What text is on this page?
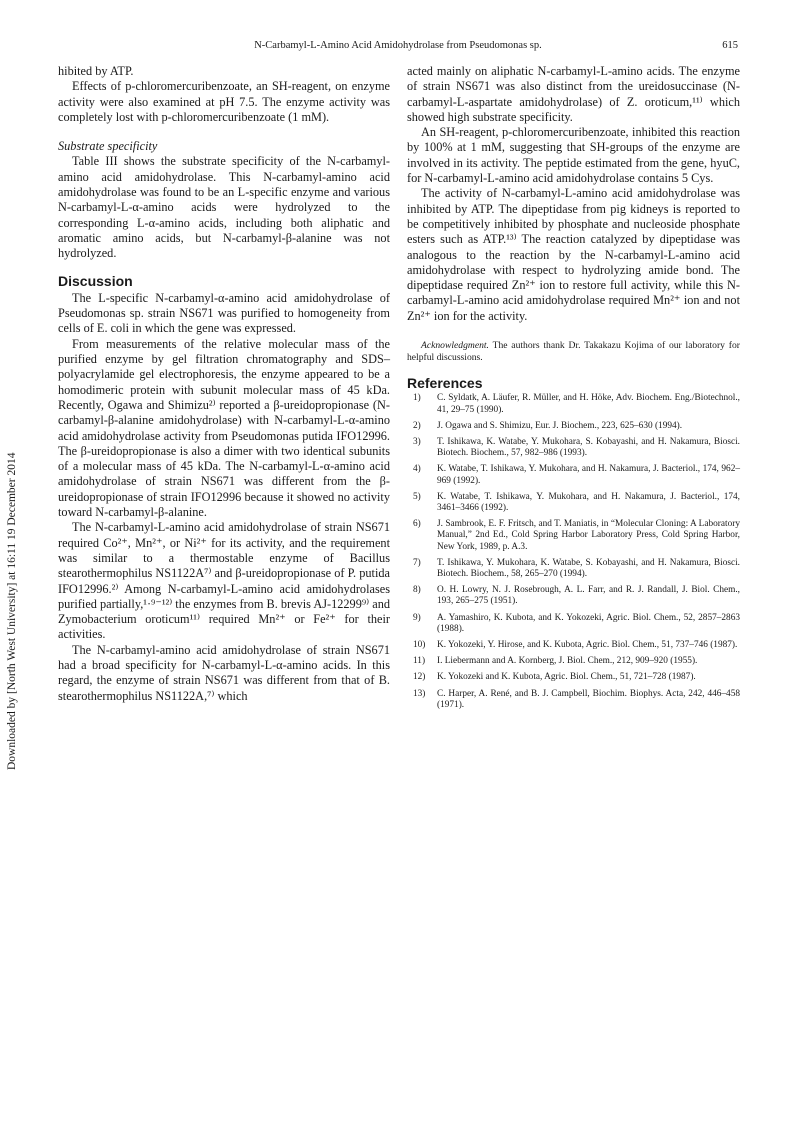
N-Carbamyl-L-Amino Acid Amidohydrolase from Pseudomonas sp.	615
Downloaded by [North West University] at 16:11 19 December 2014

hibited by ATP.

Effects of p-chloromercuribenzoate, an SH-reagent, on enzyme activity were also examined at pH 7.5. The enzyme activity was completely lost with p-chloromercuribenzoate (1 mM).

Substrate specificity

Table III shows the substrate specificity of the N-carbamyl-amino acid amidohydrolase. This N-carbamyl-amino acid amidohydrolase was found to be an L-specific enzyme and various N-carbamyl-L-α-amino acids were hydrolyzed to the corresponding L-α-amino acids, including both aliphatic and aromatic amino acids, but N-carbamyl-β-alanine was not hydrolyzed.

Discussion

The L-specific N-carbamyl-α-amino acid amidohydrolase of Pseudomonas sp. strain NS671 was purified to homogeneity from cells of E. coli in which the gene was expressed.

From measurements of the relative molecular mass of the purified enzyme by gel filtration chromatography and SDS–polyacrylamide gel electrophoresis, the enzyme appeared to be a homodimeric protein with subunit molecular mass of 45 kDa. Recently, Ogawa and Shimizu²⁾ reported a β-ureidopropionase (N-carbamyl-β-alanine amidohydrolase) with N-carbamyl-L-α-amino acid amidohydrolase activity from Pseudomonas putida IFO12996. The β-ureidopropionase is also a dimer with two identical subunits of a molecular mass of 45 kDa. The N-carbamyl-L-α-amino acid amidohydrolase of strain NS671 was different from the β-ureidopropionase of strain IFO12996 because it showed no activity toward N-carbamyl-β-alanine.

The N-carbamyl-L-amino acid amidohydrolase of strain NS671 required Co²⁺, Mn²⁺, or Ni²⁺ for its activity, and the requirement was similar to a thermostable enzyme of Bacillus stearothermophilus NS1122A⁷⁾ and β-ureidopropionase of P. putida IFO12996.²⁾ Among N-carbamyl-L-amino acid amidohydrolases purified partially,¹·⁹⁻¹²⁾ the enzymes from B. brevis AJ-12299⁹⁾ and Zymobacterium oroticum¹¹⁾ required Mn²⁺ or Fe²⁺ for their activities.

The N-carbamyl-amino acid amidohydrolase of strain NS671 had a broad specificity for N-carbamyl-L-α-amino acids. In this regard, the enzyme of strain NS671 was different from that of B. stearothermophilus NS1122A,⁷⁾ which

acted mainly on aliphatic N-carbamyl-L-amino acids. The enzyme of strain NS671 was also distinct from the ureidosuccinase (N-carbamyl-L-aspartate amidohydrolase) of Z. oroticum,¹¹⁾ which showed high substrate specificity.

An SH-reagent, p-chloromercuribenzoate, inhibited this reaction by 100% at 1 mM, suggesting that SH-groups of the enzyme are involved in its activity. The peptide estimated from the gene, hyuC, for N-carbamyl-L-amino acid amidohydrolase contains 5 Cys.

The activity of N-carbamyl-L-amino acid amidohydrolase was inhibited by ATP. The dipeptidase from pig kidneys is reported to be competitively inhibited by phosphate and nucleoside phosphate esters such as ATP.¹³⁾ The reaction catalyzed by dipeptidase was analogous to the reaction by the N-carbamyl-L-amino acid amidohydrolase with respect to hydrolyzing amide bond. The dipeptidase required Zn²⁺ ion to restore full activity, while this N-carbamyl-L-amino acid amidohydrolase required Mn²⁺ ion and not Zn²⁺ ion for the activity.

Acknowledgment. The authors thank Dr. Takakazu Kojima of our laboratory for helpful discussions.

References
1) C. Syldatk, A. Läufer, R. Müller, and H. Höke, Adv. Biochem. Eng./Biotechnol., 41, 29–75 (1990).
2) J. Ogawa and S. Shimizu, Eur. J. Biochem., 223, 625–630 (1994).
3) T. Ishikawa, K. Watabe, Y. Mukohara, S. Kobayashi, and H. Nakamura, Biosci. Biotech. Biochem., 57, 982–986 (1993).
4) K. Watabe, T. Ishikawa, Y. Mukohara, and H. Nakamura, J. Bacteriol., 174, 962–969 (1992).
5) K. Watabe, T. Ishikawa, Y. Mukohara, and H. Nakamura, J. Bacteriol., 174, 3461–3466 (1992).
6) J. Sambrook, E. F. Fritsch, and T. Maniatis, in “Molecular Cloning: A Laboratory Manual,” 2nd Ed., Cold Spring Harbor Laboratory Press, Cold Spring Harbor, New York, 1989, p. A.3.
7) T. Ishikawa, Y. Mukohara, K. Watabe, S. Kobayashi, and H. Nakamura, Biosci. Biotech. Biochem., 58, 265–270 (1994).
8) O. H. Lowry, N. J. Rosebrough, A. L. Farr, and R. J. Randall, J. Biol. Chem., 193, 265–275 (1951).
9) A. Yamashiro, K. Kubota, and K. Yokozeki, Agric. Biol. Chem., 52, 2857–2863 (1988).
10) K. Yokozeki, Y. Hirose, and K. Kubota, Agric. Biol. Chem., 51, 737–746 (1987).
11) I. Liebermann and A. Kornberg, J. Biol. Chem., 212, 909–920 (1955).
12) K. Yokozeki and K. Kubota, Agric. Biol. Chem., 51, 721–728 (1987).
13) C. Harper, A. René, and B. J. Campbell, Biochim. Biophys. Acta, 242, 446–458 (1971).
